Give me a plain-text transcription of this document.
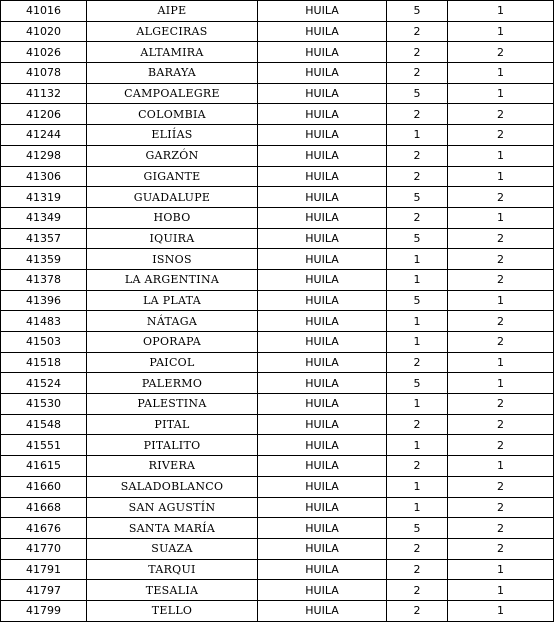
41016	AIPE	HUILA	5	1
41020	ALGECIRAS	HUILA	2	1
41026	ALTAMIRA	HUILA	2	2
41078	BARAYA	HUILA	2	1
41132	CAMPOALEGRE	HUILA	5	1
41206	COLOMBIA	HUILA	2	2
41244	ELIÍAS	HUILA	1	2
41298	GARZÓN	HUILA	2	1
41306	GIGANTE	HUILA	2	1
41319	GUADALUPE	HUILA	5	2
41349	HOBO	HUILA	2	1
41357	IQUIRA	HUILA	5	2
41359	ISNOS	HUILA	1	2
41378	LA ARGENTINA	HUILA	1	2
41396	LA PLATA	HUILA	5	1
41483	NÁTAGA	HUILA	1	2
41503	OPORAPA	HUILA	1	2
41518	PAICOL	HUILA	2	1
41524	PALERMO	HUILA	5	1
41530	PALESTINA	HUILA	1	2
41548	PITAL	HUILA	2	2
41551	PITALITO	HUILA	1	2
41615	RIVERA	HUILA	2	1
41660	SALADOBLANCO	HUILA	1	2
41668	SAN AGUSTÍN	HUILA	1	2
41676	SANTA MARÍA	HUILA	5	2
41770	SUAZA	HUILA	2	2
41791	TARQUI	HUILA	2	1
41797	TESALIA	HUILA	2	1
41799	TELLO	HUILA	2	1
